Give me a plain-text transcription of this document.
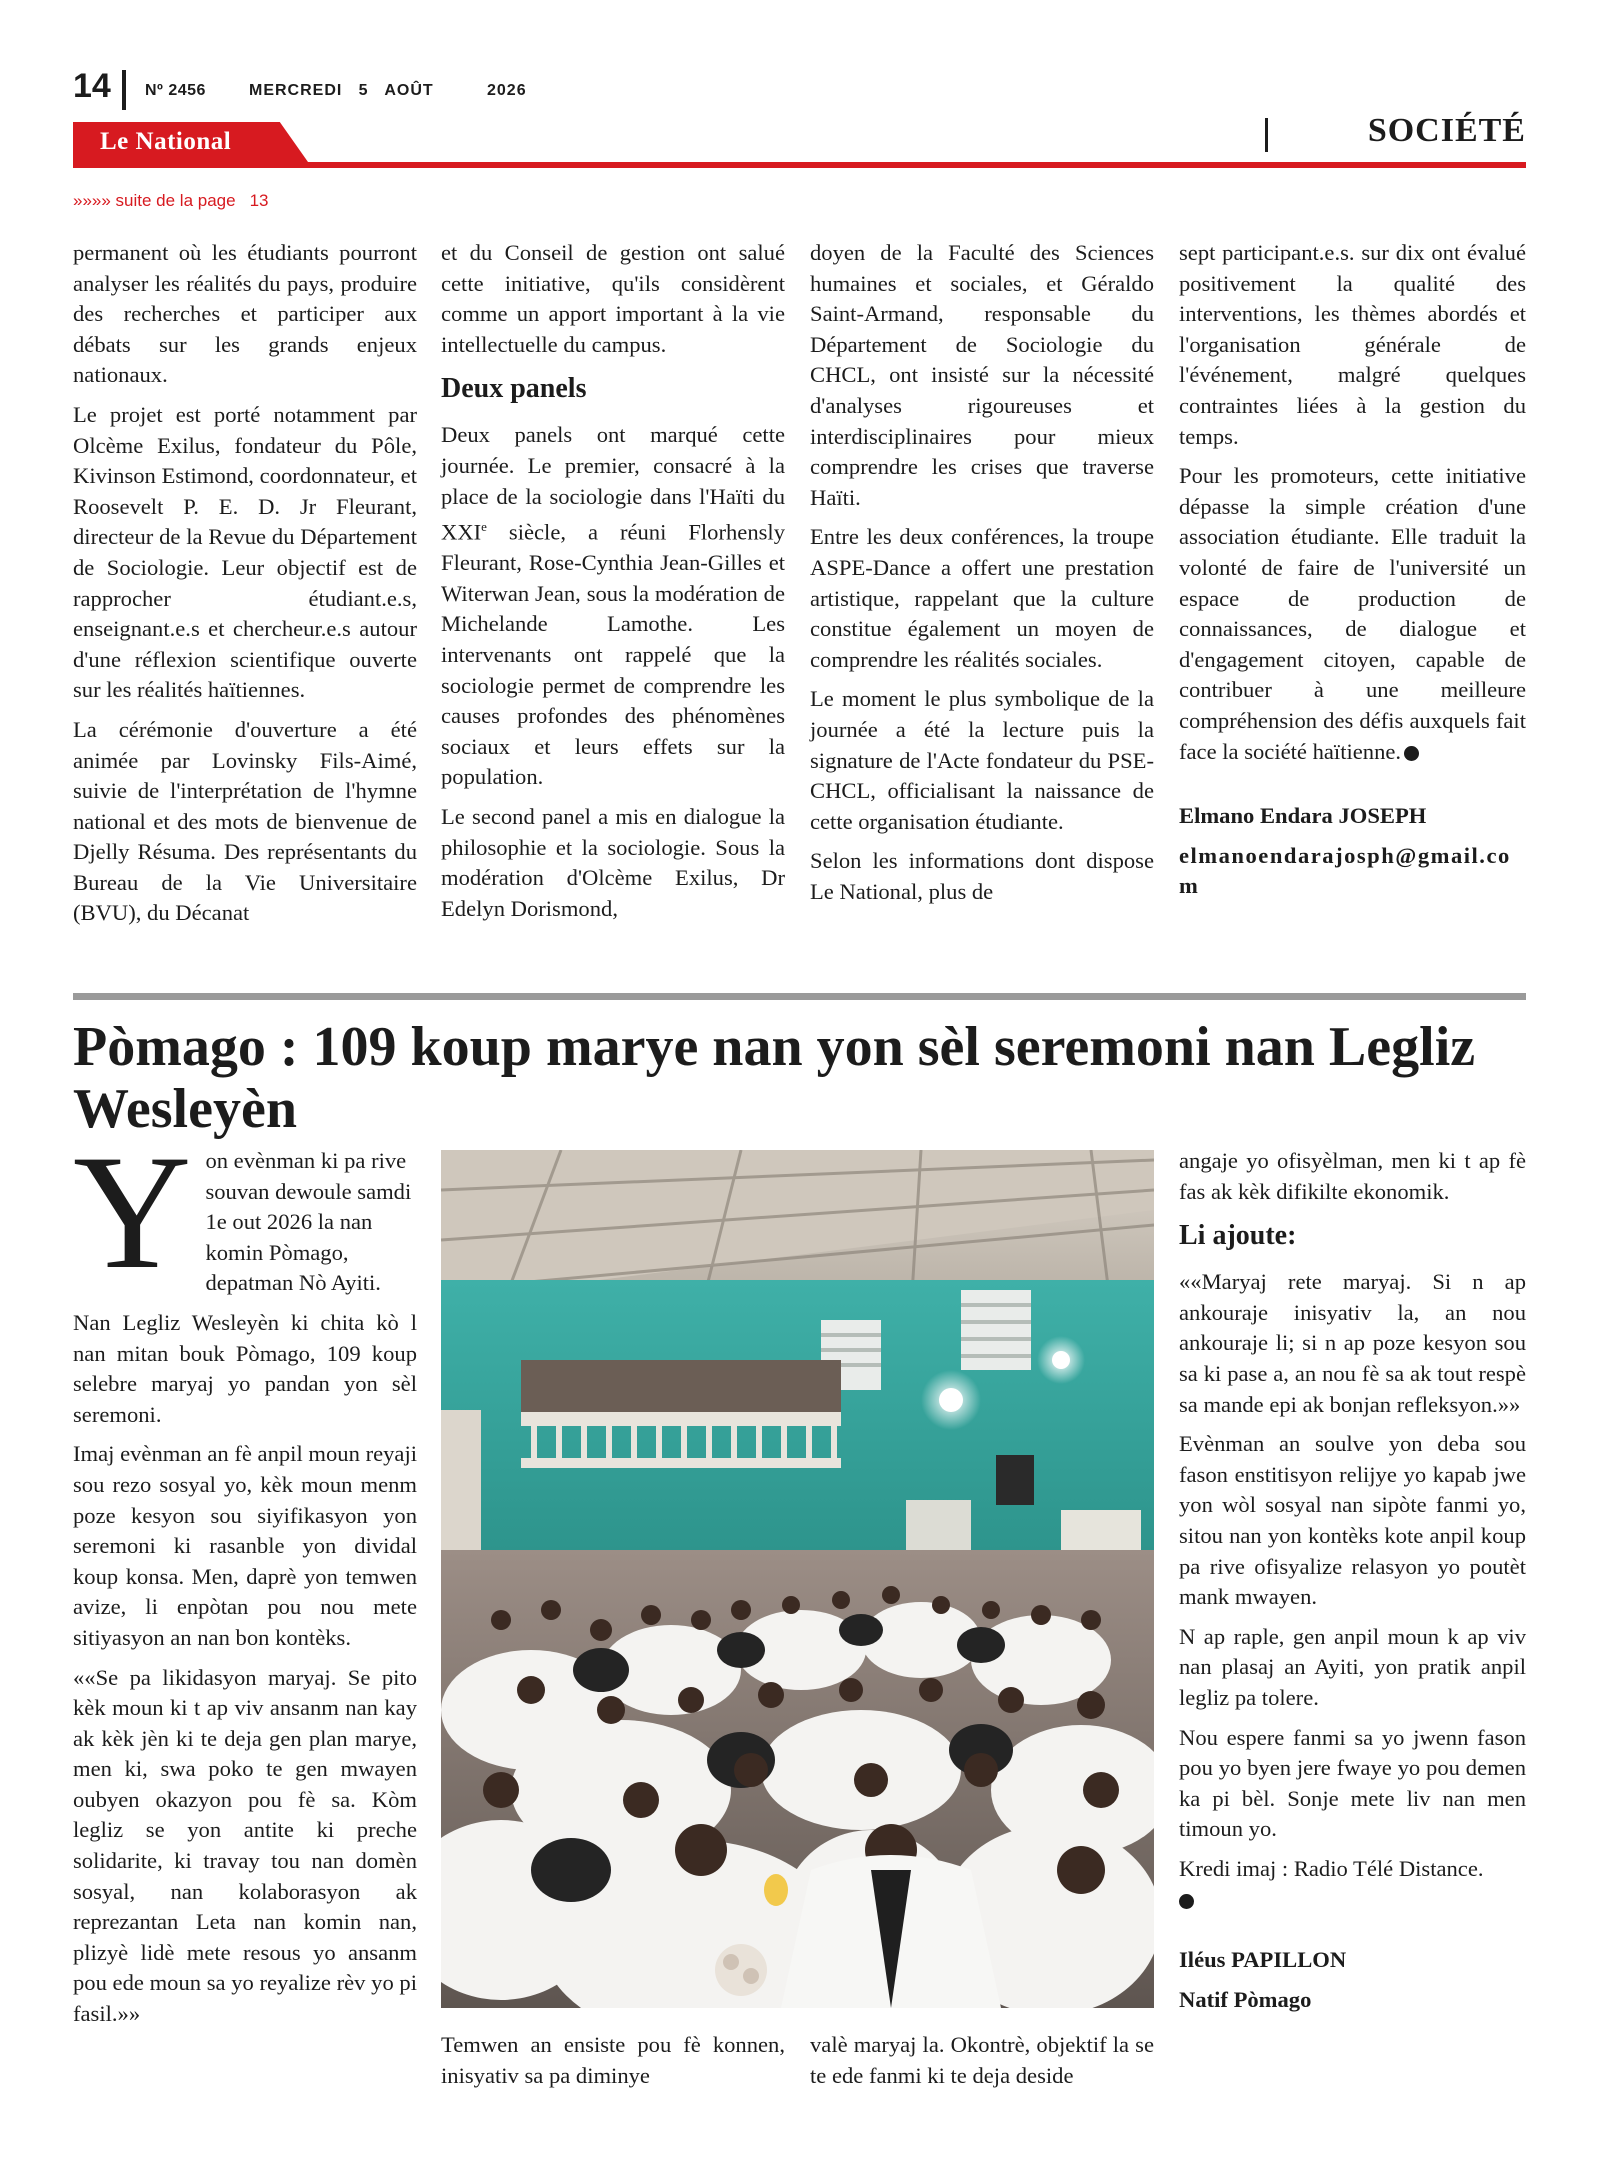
14 Nº 2456	MERCREDI   5   AOÛT	2026
Le National	SOCIÉTÉ
»»»» suite de la page 13

permanent où les étudiants pourront analyser les réalités du pays, produire des recherches et participer aux débats sur les grands enjeux nationaux.

Le projet est porté notamment par Olcème Exilus, fondateur du Pôle, Kivinson Estimond, coordonnateur, et Roosevelt P. E. D. Jr Fleurant, directeur de la Revue du Département de Sociologie. Leur objectif est de rapprocher étudiant.e.s, enseignant.e.s et chercheur.e.s autour d'une réflexion scientifique ouverte sur les réalités haïtiennes.

La cérémonie d'ouverture a été animée par Lovinsky Fils-Aimé, suivie de l'interprétation de l'hymne national et des mots de bienvenue de Djelly Résuma. Des représentants du Bureau de la Vie Universitaire (BVU), du Décanat

et du Conseil de gestion ont salué cette initiative, qu'ils considèrent comme un apport important à la vie intellectuelle du campus.

Deux panels

Deux panels ont marqué cette journée. Le premier, consacré à la place de la sociologie dans l'Haïti du XXIe siècle, a réuni Florhensly Fleurant, Rose-Cynthia Jean-Gilles et Witerwan Jean, sous la modération de Michelande Lamothe. Les intervenants ont rappelé que la sociologie permet de comprendre les causes profondes des phénomènes sociaux et leurs effets sur la population.

Le second panel a mis en dialogue la philosophie et la sociologie. Sous la modération d'Olcème Exilus, Dr Edelyn Dorismond,

doyen de la Faculté des Sciences humaines et sociales, et Géraldo Saint-Armand, responsable du Département de Sociologie du CHCL, ont insisté sur la nécessité d'analyses rigoureuses et interdisciplinaires pour mieux comprendre les crises que traverse Haïti.

Entre les deux conférences, la troupe ASPE-Dance a offert une prestation artistique, rappelant que la culture constitue également un moyen de comprendre les réalités sociales.

Le moment le plus symbolique de la journée a été la lecture puis la signature de l'Acte fondateur du PSE-CHCL, officialisant la naissance de cette organisation étudiante.

Selon les informations dont dispose Le National, plus de

sept participant.e.s. sur dix ont évalué positivement la qualité des interventions, les thèmes abordés et l'organisation générale de l'événement, malgré quelques contraintes liées à la gestion du temps.

Pour les promoteurs, cette initiative dépasse la simple création d'une association étudiante. Elle traduit la volonté de faire de l'université un espace de production de connaissances, de dialogue et d'engagement citoyen, capable de contribuer à une meilleure compréhension des défis auxquels fait face la société haïtienne.

Elmano Endara JOSEPH

elmanoendarajosph@gmail.com

Pòmago : 109 koup marye nan yon sèl seremoni nan Legliz Wesleyèn

Yon evènman ki pa rive souvan dewoule samdi 1e out 2026 la nan komin Pòmago, depatman Nò Ayiti.

Nan Legliz Wesleyèn ki chita kò l nan mitan bouk Pòmago, 109 koup selebre maryaj yo pandan yon sèl seremoni.

Imaj evènman an fè anpil moun reyaji sou rezo sosyal yo, kèk moun menm poze kesyon sou siyifikasyon yon seremoni ki rasanble yon dividal koup konsa. Men, daprè yon temwen avize, li enpòtan pou nou mete sitiyasyon an nan bon kontèks.

««Se pa likidasyon maryaj. Se pito kèk moun ki t ap viv ansanm nan kay ak kèk jèn ki te deja gen plan marye, men ki, swa poko te gen mwayen oubyen okazyon pou fè sa. Kòm legliz se yon antite ki preche solidarite, ki travay tou nan domèn sosyal, nan kolaborasyon ak reprezantan Leta nan komin nan, plizyè lidè mete resous yo ansanm pou ede moun sa yo reyalize rèv yo pi fasil.»»

Temwen an ensiste pou fè konnen, inisyativ sa pa diminye

valè maryaj la. Okontrè, objektif la se te ede fanmi ki te deja deside

angaje yo ofisyèlman, men ki t ap fè fas ak kèk difikilte ekonomik.

Li ajoute:

««Maryaj rete maryaj. Si n ap ankouraje inisyativ la, an nou ankouraje li; si n ap poze kesyon sou sa ki pase a, an nou fè sa ak tout respè sa mande epi ak bonjan refleksyon.»»

Evènman an soulve yon deba sou fason enstitisyon relijye yo kapab jwe yon wòl sosyal nan sipòte fanmi yo, sitou nan yon kontèks kote anpil koup pa rive ofisyalize relasyon yo poutèt mank mwayen.

N ap raple, gen anpil moun k ap viv nan plasaj an Ayiti, yon pratik anpil legliz pa tolere.

Nou espere fanmi sa yo jwenn fason pou yo byen jere fwaye yo pou demen ka pi bèl. Sonje mete liv nan men timoun yo.

Kredi imaj : Radio Télé Distance.

Iléus PAPILLON

Natif Pòmago
